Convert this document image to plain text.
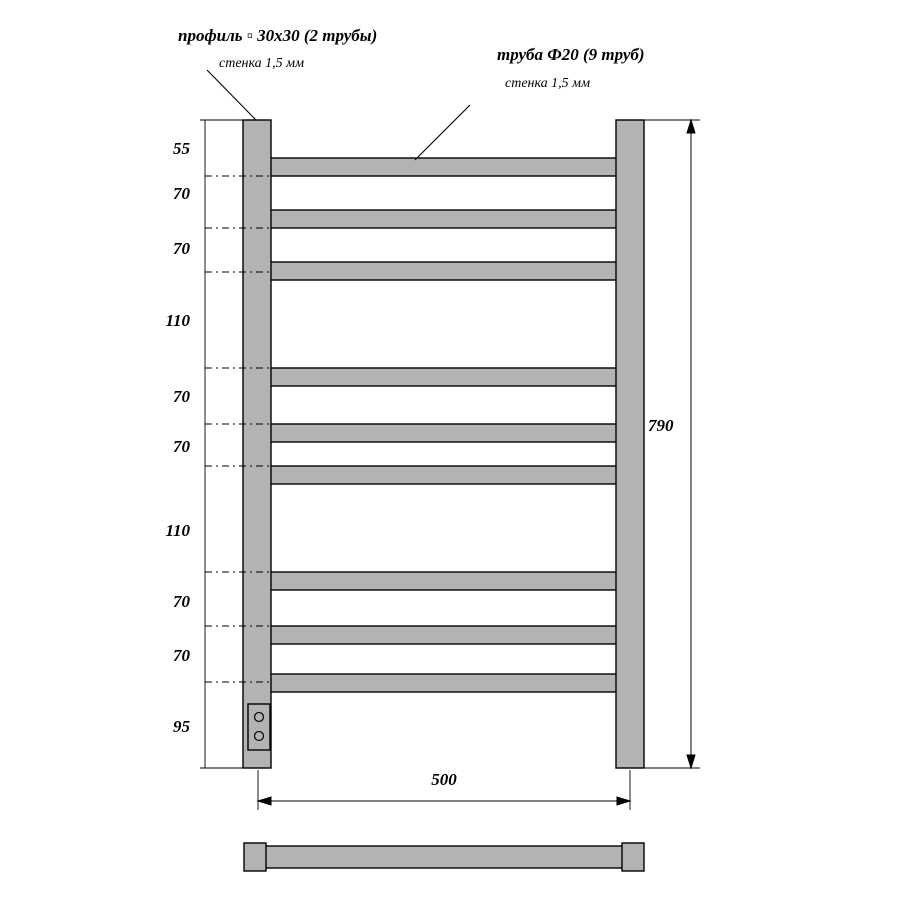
профиль ▫ 30x30 (2 трубы)
стенка 1,5 мм	труба Ф20 (9 труб)
стенка 1,5 мм
55
70
70
110
70
70
110
70
70
95
790
500
